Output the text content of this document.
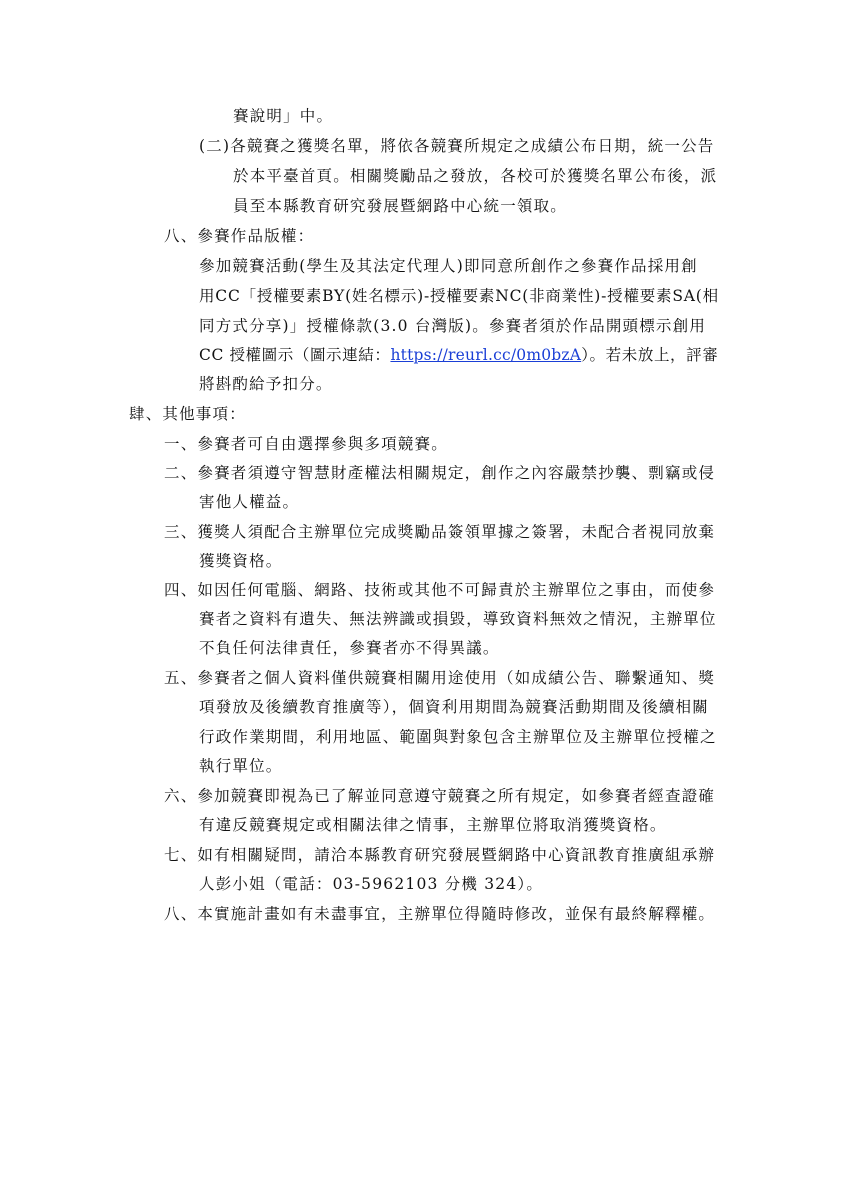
賽說明」中。
(二)各競賽之獲獎名單，將依各競賽所規定之成績公布日期，統一公告
於本平臺首頁。相關獎勵品之發放，各校可於獲獎名單公布後，派
員至本縣教育研究發展暨網路中心統一領取。
八、參賽作品版權：
參加競賽活動(學生及其法定代理人)即同意所創作之參賽作品採用創
用CC「授權要素BY(姓名標示)-授權要素NC(非商業性)-授權要素SA(相
同方式分享)」授權條款(3.0 台灣版)。參賽者須於作品開頭標示創用
CC 授權圖示（圖示連結：https://reurl.cc/0m0bzA）。若未放上，評審
將斟酌給予扣分。
肆、其他事項：
一、參賽者可自由選擇參與多項競賽。
二、參賽者須遵守智慧財產權法相關規定，創作之內容嚴禁抄襲、剽竊或侵
害他人權益。
三、獲獎人須配合主辦單位完成獎勵品簽領單據之簽署，未配合者視同放棄
獲獎資格。
四、如因任何電腦、網路、技術或其他不可歸責於主辦單位之事由，而使參
賽者之資料有遺失、無法辨識或損毀，導致資料無效之情況，主辦單位
不負任何法律責任，參賽者亦不得異議。
五、參賽者之個人資料僅供競賽相關用途使用（如成績公告、聯繫通知、獎
項發放及後續教育推廣等），個資利用期間為競賽活動期間及後續相關
行政作業期間，利用地區、範圍與對象包含主辦單位及主辦單位授權之
執行單位。
六、參加競賽即視為已了解並同意遵守競賽之所有規定，如參賽者經查證確
有違反競賽規定或相關法律之情事，主辦單位將取消獲獎資格。
七、如有相關疑問，請洽本縣教育研究發展暨網路中心資訊教育推廣組承辦
人彭小姐（電話：03-5962103 分機 324）。
八、本實施計畫如有未盡事宜，主辦單位得隨時修改，並保有最終解釋權。
